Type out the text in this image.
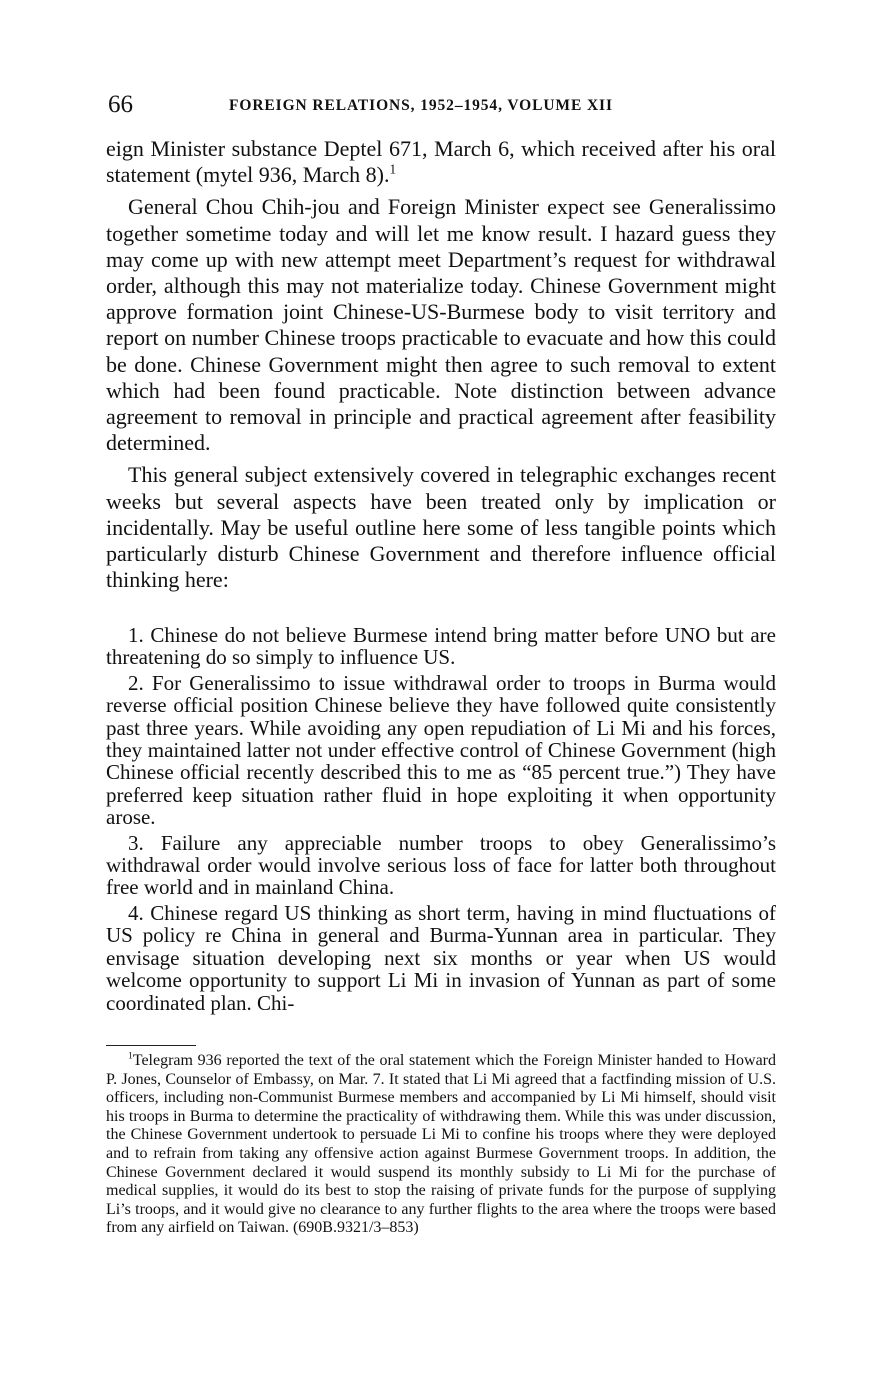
66	FOREIGN RELATIONS, 1952–1954, VOLUME XII

eign Minister substance Deptel 671, March 6, which received after his oral statement (mytel 936, March 8).$^1$

General Chou Chih-jou and Foreign Minister expect see Generalissimo together sometime today and will let me know result. I hazard guess they may come up with new attempt meet Department’s request for withdrawal order, although this may not materialize today. Chinese Government might approve formation joint Chinese-US-Burmese body to visit territory and report on number Chinese troops practicable to evacuate and how this could be done. Chinese Government might then agree to such removal to extent which had been found practicable. Note distinction between advance agreement to removal in principle and practical agreement after feasibility determined.

This general subject extensively covered in telegraphic exchanges recent weeks but several aspects have been treated only by implication or incidentally. May be useful outline here some of less tangible points which particularly disturb Chinese Government and therefore influence official thinking here:

1. Chinese do not believe Burmese intend bring matter before UNO but are threatening do so simply to influence US.

2. For Generalissimo to issue withdrawal order to troops in Burma would reverse official position Chinese believe they have followed quite consistently past three years. While avoiding any open repudiation of Li Mi and his forces, they maintained latter not under effective control of Chinese Government (high Chinese official recently described this to me as “85 percent true.”) They have preferred keep situation rather fluid in hope exploiting it when opportunity arose.

3. Failure any appreciable number troops to obey Generalissimo’s withdrawal order would involve serious loss of face for latter both throughout free world and in mainland China.

4. Chinese regard US thinking as short term, having in mind fluctuations of US policy re China in general and Burma-Yunnan area in particular. They envisage situation developing next six months or year when US would welcome opportunity to support Li Mi in invasion of Yunnan as part of some coordinated plan. Chi-

$^1$Telegram 936 reported the text of the oral statement which the Foreign Minister handed to Howard P. Jones, Counselor of Embassy, on Mar. 7. It stated that Li Mi agreed that a factfinding mission of U.S. officers, including non-Communist Burmese members and accompanied by Li Mi himself, should visit his troops in Burma to determine the practicality of withdrawing them. While this was under discussion, the Chinese Government undertook to persuade Li Mi to confine his troops where they were deployed and to refrain from taking any offensive action against Burmese Government troops. In addition, the Chinese Government declared it would suspend its monthly subsidy to Li Mi for the purchase of medical supplies, it would do its best to stop the raising of private funds for the purpose of supplying Li’s troops, and it would give no clearance to any further flights to the area where the troops were based from any airfield on Taiwan. (690B.9321/3–853)
